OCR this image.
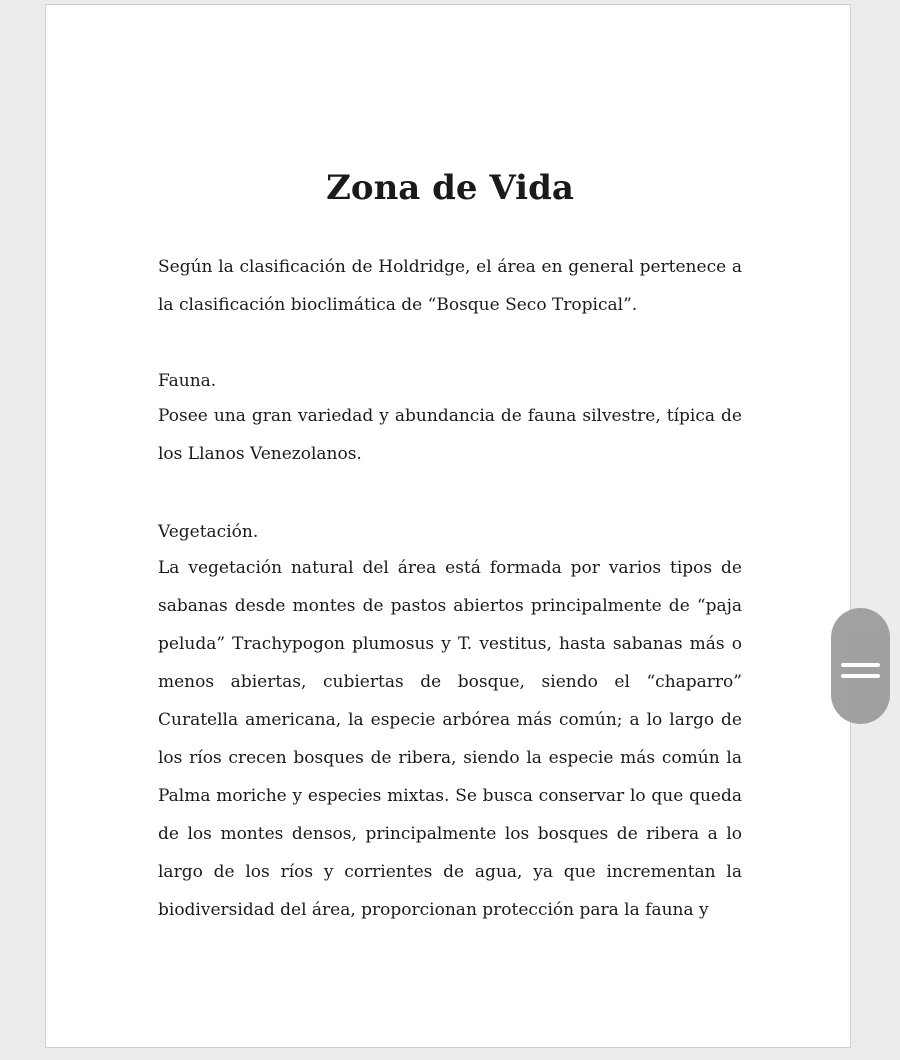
Zona de Vida

Según la clasificación de Holdridge, el área en general pertenece a la clasificación bioclimática de “Bosque Seco Tropical”.

Fauna.

Posee una gran variedad y abundancia de fauna silvestre, típica de los Llanos Venezolanos.

Vegetación.

La vegetación natural del área está formada por varios tipos de sabanas desde montes de pastos abiertos principalmente de “paja peluda” Trachypogon plumosus y T. vestitus, hasta sabanas más o menos abiertas, cubiertas de bosque, siendo el “chaparro” Curatella americana, la especie arbórea más común; a lo largo de los ríos crecen bosques de ribera, siendo la especie más común la Palma moriche y especies mixtas. Se busca conservar lo que queda de los montes densos, principalmente los bosques de ribera a lo largo de los ríos y corrientes de agua, ya que incrementan la biodiversidad del área, proporcionan protección para la fauna y
